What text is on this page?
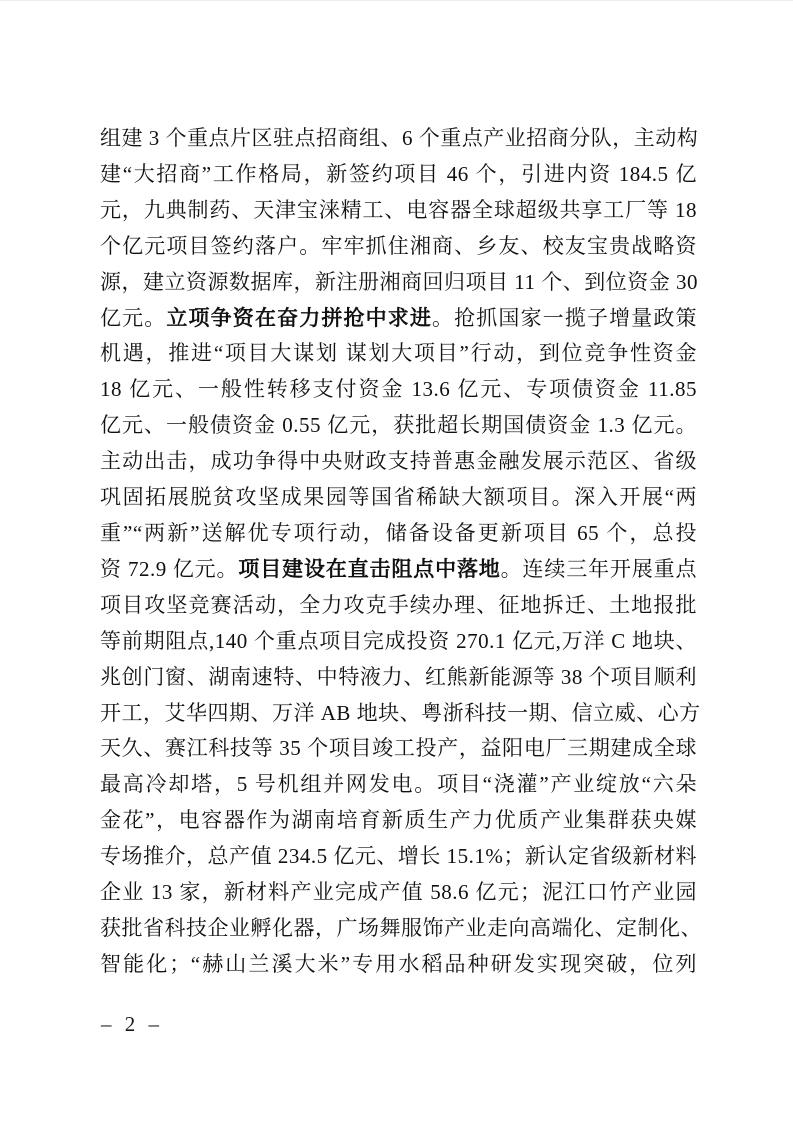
组建 3 个重点片区驻点招商组、6 个重点产业招商分队，主动构
建“大招商”工作格局，新签约项目 46 个，引进内资 184.5 亿
元，九典制药、天津宝涞精工、电容器全球超级共享工厂等 18
个亿元项目签约落户。牢牢抓住湘商、乡友、校友宝贵战略资
源，建立资源数据库，新注册湘商回归项目 11 个、到位资金 30
亿元。立项争资在奋力拼抢中求进。抢抓国家一揽子增量政策
机遇，推进“项目大谋划 谋划大项目”行动，到位竞争性资金
18 亿元、一般性转移支付资金 13.6 亿元、专项债资金 11.85
亿元、一般债资金 0.55 亿元，获批超长期国债资金 1.3 亿元。
主动出击，成功争得中央财政支持普惠金融发展示范区、省级
巩固拓展脱贫攻坚成果园等国省稀缺大额项目。深入开展“两
重”“两新”送解优专项行动，储备设备更新项目 65 个，总投
资 72.9 亿元。项目建设在直击阻点中落地。连续三年开展重点
项目攻坚竞赛活动，全力攻克手续办理、征地拆迁、土地报批
等前期阻点,140 个重点项目完成投资 270.1 亿元,万洋 C 地块、
兆创门窗、湖南速特、中特液力、红熊新能源等 38 个项目顺利
开工，艾华四期、万洋 AB 地块、粤浙科技一期、信立威、心方
天久、赛江科技等 35 个项目竣工投产，益阳电厂三期建成全球
最高冷却塔，5 号机组并网发电。项目“浇灌”产业绽放“六朵
金花”，电容器作为湖南培育新质生产力优质产业集群获央媒
专场推介，总产值 234.5 亿元、增长 15.1%；新认定省级新材料
企业 13 家，新材料产业完成产值 58.6 亿元；泥江口竹产业园
获批省科技企业孵化器，广场舞服饰产业走向高端化、定制化、
智能化；“赫山兰溪大米”专用水稻品种研发实现突破，位列
– 2 –
